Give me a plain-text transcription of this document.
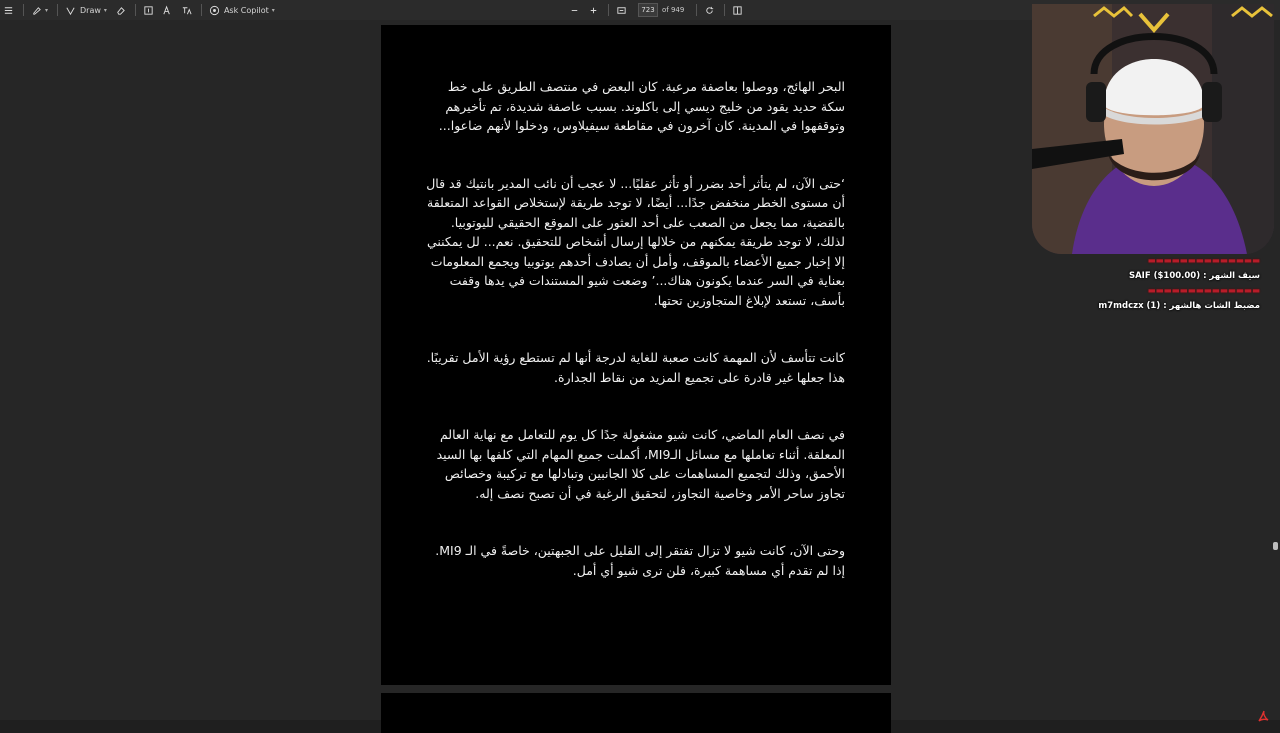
▾	Draw ▾	Ask Copilot ▾
723	of 949

البحر الهائج، ووصلوا بعاصفة مرعبة. كان البعض في منتصف الطريق على خط سكة حديد يقود من خليج ديسي إلى باكلوند. بسبب عاصفة شديدة، تم تأخيرهم وتوقفهوا في المدينة. كان آخرون في مقاطعة سيفيلاوس، ودخلوا لأنهم ضاعوا...

‘حتى الآن، لم يتأثر أحد بضرر أو تأثر عقليًا... لا عجب أن نائب المدير بانتيك قد قال أن مستوى الخطر منخفض جدًا... أيضًا، لا توجد طريقة لإستخلاص القواعد المتعلقة بالقضية، مما يجعل من الصعب على أحد العثور على الموقع الحقيقي لليوتوبيا. لذلك، لا توجد طريقة يمكنهم من خلالها إرسال أشخاص للتحقيق. نعم... لل يمكنني إلا إخبار جميع الأعضاء بالموقف، وأمل أن يصادف أحدهم يوتوبيا ويجمع المعلومات بعناية في السر عندما يكونون هناك...’ وضعت شيو المستندات في يدها وقفت بأسف، تستعد لإبلاغ المتجاوزين تحتها.

كانت تتأسف لأن المهمة كانت صعبة للغاية لدرجة أنها لم تستطع رؤية الأمل تقريبًا. هذا جعلها غير قادرة على تجميع المزيد من نقاط الجدارة.

في نصف العام الماضي، كانت شيو مشغولة جدًا كل يوم للتعامل مع نهاية العالم المعلقة. أثناء تعاملها مع مسائل الـMI9، أكملت جميع المهام التي كلفها بها السيد الأحمق، وذلك لتجميع المساهمات على كلا الجانبين وتبادلها مع تركيبة وخصائص تجاوز ساحر الأمر وخاصية التجاوز، لتحقيق الرغبة في أن تصبح نصف إله.

وحتى الآن، كانت شيو لا تزال تفتقر إلى القليل على الجبهتين، خاصةً في الـ MI9. إذا لم تقدم أي مساهمة كبيرة، فلن ترى شيو أي أمل.

▬▬▬▬▬▬▬▬▬▬▬▬▬▬
سيف الشهر : SAIF ($100.00)
▬▬▬▬▬▬▬▬▬▬▬▬▬▬
مضبط الشات هالشهر : m7mdczx (1)
